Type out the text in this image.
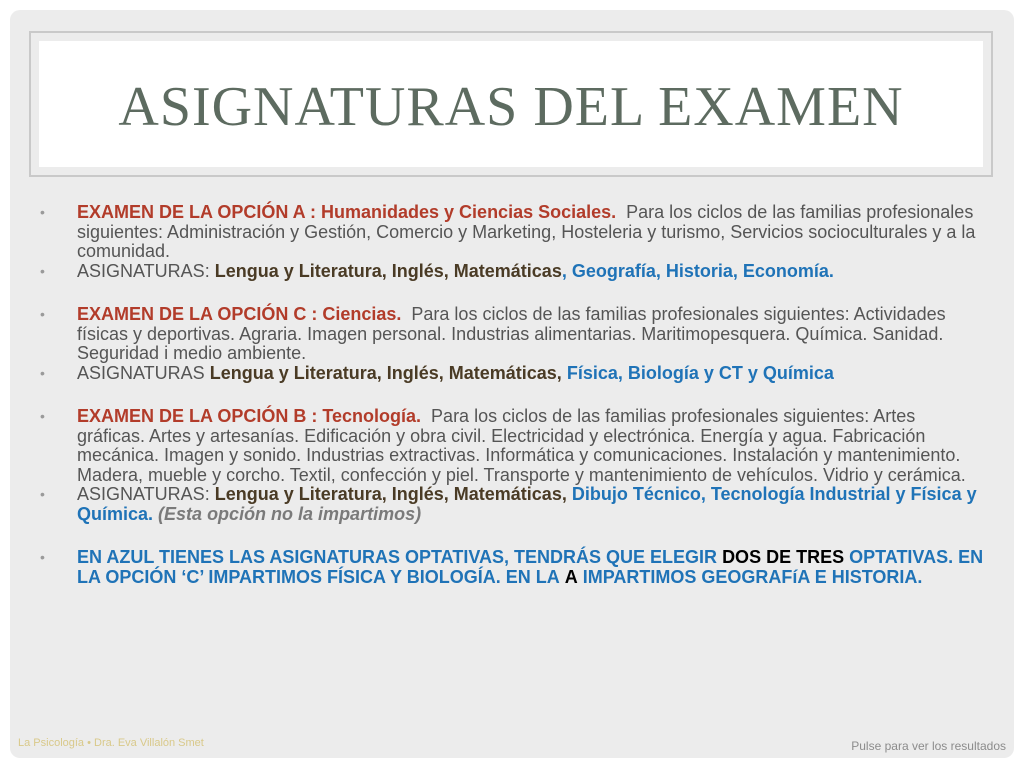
ASIGNATURAS DEL EXAMEN
• EXAMEN DE LA OPCIÓN A : Humanidades y Ciencias Sociales. Para los ciclos de las familias profesionales siguientes: Administración y Gestión, Comercio y Marketing, Hosteleria y turismo, Servicios socioculturales y a la comunidad.
• ASIGNATURAS: Lengua y Literatura, Inglés, Matemáticas, Geografía, Historia, Economía.
• EXAMEN DE LA OPCIÓN C : Ciencias. Para los ciclos de las familias profesionales siguientes: Actividades físicas y deportivas. Agraria. Imagen personal. Industrias alimentarias. Maritimopesquera. Química. Sanidad. Seguridad i medio ambiente.
• ASIGNATURAS Lengua y Literatura, Inglés, Matemáticas, Física, Biología y CT y Química
• EXAMEN DE LA OPCIÓN B : Tecnología. Para los ciclos de las familias profesionales siguientes: Artes gráficas. Artes y artesanías. Edificación y obra civil. Electricidad y electrónica. Energía y agua. Fabricación mecánica. Imagen y sonido. Industrias extractivas. Informática y comunicaciones. Instalación y mantenimiento. Madera, mueble y corcho. Textil, confección y piel. Transporte y mantenimiento de vehículos. Vidrio y cerámica.
• ASIGNATURAS: Lengua y Literatura, Inglés, Matemáticas, Dibujo Técnico, Tecnología Industrial y Física y Química. (Esta opción no la impartimos)
• EN AZUL TIENES LAS ASIGNATURAS OPTATIVAS, TENDRÁS QUE ELEGIR DOS DE TRES OPTATIVAS. EN LA OPCIÓN ‘C’ IMPARTIMOS FÍSICA Y BIOLOGÍA. EN LA A IMPARTIMOS GEOGRAFíA E HISTORIA.
La Psicología • Dra. Eva Villalón Smet	Pulse para ver los resultados
